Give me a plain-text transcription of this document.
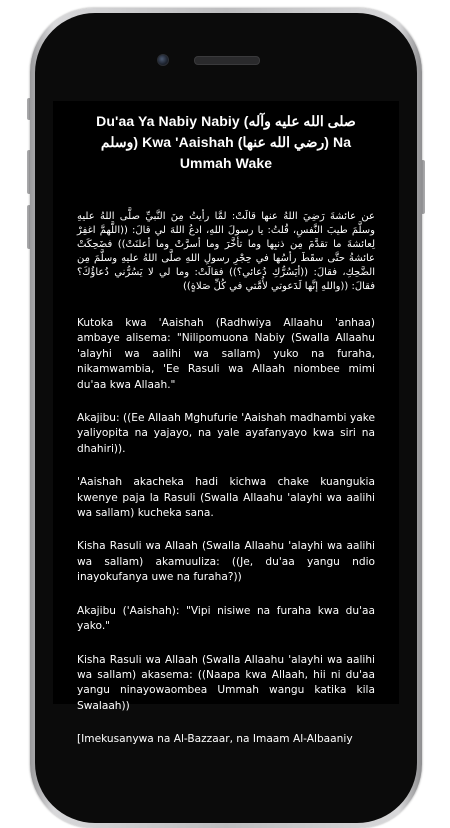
Du'aa Ya Nabiy Nabiy (صلى الله عليه وآله وسلم) Kwa 'Aaishah (رضي الله عنها) Na Ummah Wake
عن عائشةَ رَضِيَ اللهُ عنها قالَتْ: لمَّا رأيتُ مِنَ النَّبيِّ صلَّى اللهُ عليهِ وسلَّمَ طيبَ النَّفسِ، قُلتُ: يا رسولَ اللهِ، ادعُ اللهَ لي قالَ: ((اللَّهمَّ اغفِرْ لِعائشةَ ما تقدَّمَ مِن ذنبِها وما تأخَّرَ وما أسرَّتْ وما أعلنَتْ)) فضَحِكَتْ عائشةُ حتَّى سقَطَ رأسُها في حِجْرِ رسولِ اللهِ صلَّى اللهُ عليهِ وسلَّمَ مِن الضَّحِكِ، فقالَ: ((أيَسُرُّكِ دُعائي؟)) فقالَتْ: وما لي لا يَسُرُّني دُعاؤُكَ؟ فقالَ: ((واللهِ إنَّها لَدَعوتي لأُمَّتي في كُلِّ صَلاةٍ))
Kutoka kwa 'Aaishah (Radhwiya Allaahu 'anhaa) ambaye alisema: "Nilipomuona Nabiy (Swalla Allaahu 'alayhi wa aalihi wa sallam) yuko na furaha, nikamwambia, 'Ee Rasuli wa Allaah niombee mimi du'aa kwa Allaah."
Akajibu: ((Ee Allaah Mghufurie 'Aaishah madhambi yake yaliyopita na yajayo, na yale ayafanyayo kwa siri na dhahiri)).
'Aaishah akacheka hadi kichwa chake kuangukia kwenye paja la Rasuli (Swalla Allaahu 'alayhi wa aalihi wa sallam) kucheka sana.
Kisha Rasuli wa Allaah (Swalla Allaahu 'alayhi wa aalihi wa sallam) akamuuliza: ((Je, du'aa yangu ndio inayokufanya uwe na furaha?))
Akajibu ('Aaishah): "Vipi nisiwe na furaha kwa du'aa yako."
Kisha Rasuli wa Allaah (Swalla Allaahu 'alayhi wa aalihi wa sallam) akasema: ((Naapa kwa Allaah, hii ni du'aa yangu ninayowaombea Ummah wangu katika kila Swalaah))
[Imekusanywa na Al-Bazzaar, na Imaam Al-Albaaniy
